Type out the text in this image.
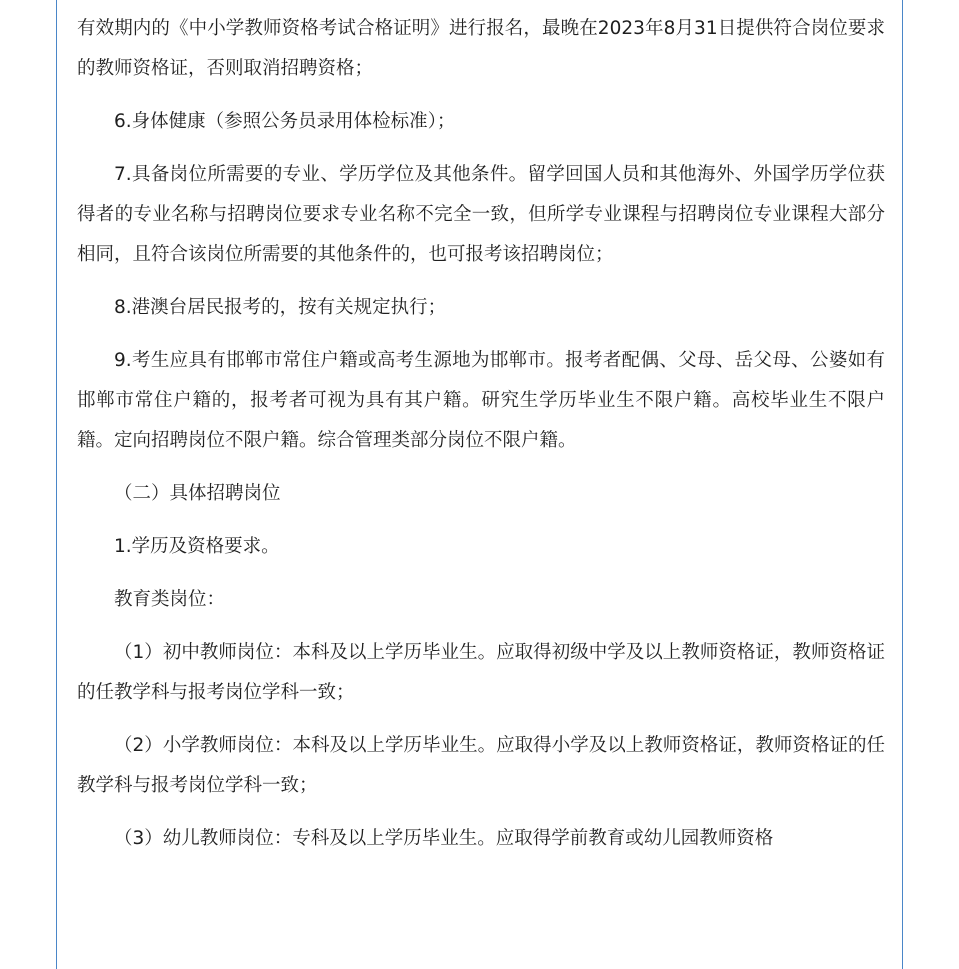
有效期内的《中小学教师资格考试合格证明》进行报名，最晚在2023年8月31日提供符合岗位要求的教师资格证，否则取消招聘资格；

6.身体健康（参照公务员录用体检标准）；

7.具备岗位所需要的专业、学历学位及其他条件。留学回国人员和其他海外、外国学历学位获得者的专业名称与招聘岗位要求专业名称不完全一致，但所学专业课程与招聘岗位专业课程大部分相同，且符合该岗位所需要的其他条件的，也可报考该招聘岗位；

8.港澳台居民报考的，按有关规定执行；

9.考生应具有邯郸市常住户籍或高考生源地为邯郸市。报考者配偶、父母、岳父母、公婆如有邯郸市常住户籍的，报考者可视为具有其户籍。研究生学历毕业生不限户籍。高校毕业生不限户籍。定向招聘岗位不限户籍。综合管理类部分岗位不限户籍。

（二）具体招聘岗位

1.学历及资格要求。

教育类岗位：

（1）初中教师岗位：本科及以上学历毕业生。应取得初级中学及以上教师资格证，教师资格证的任教学科与报考岗位学科一致；

（2）小学教师岗位：本科及以上学历毕业生。应取得小学及以上教师资格证，教师资格证的任教学科与报考岗位学科一致；

（3）幼儿教师岗位：专科及以上学历毕业生。应取得学前教育或幼儿园教师资格
